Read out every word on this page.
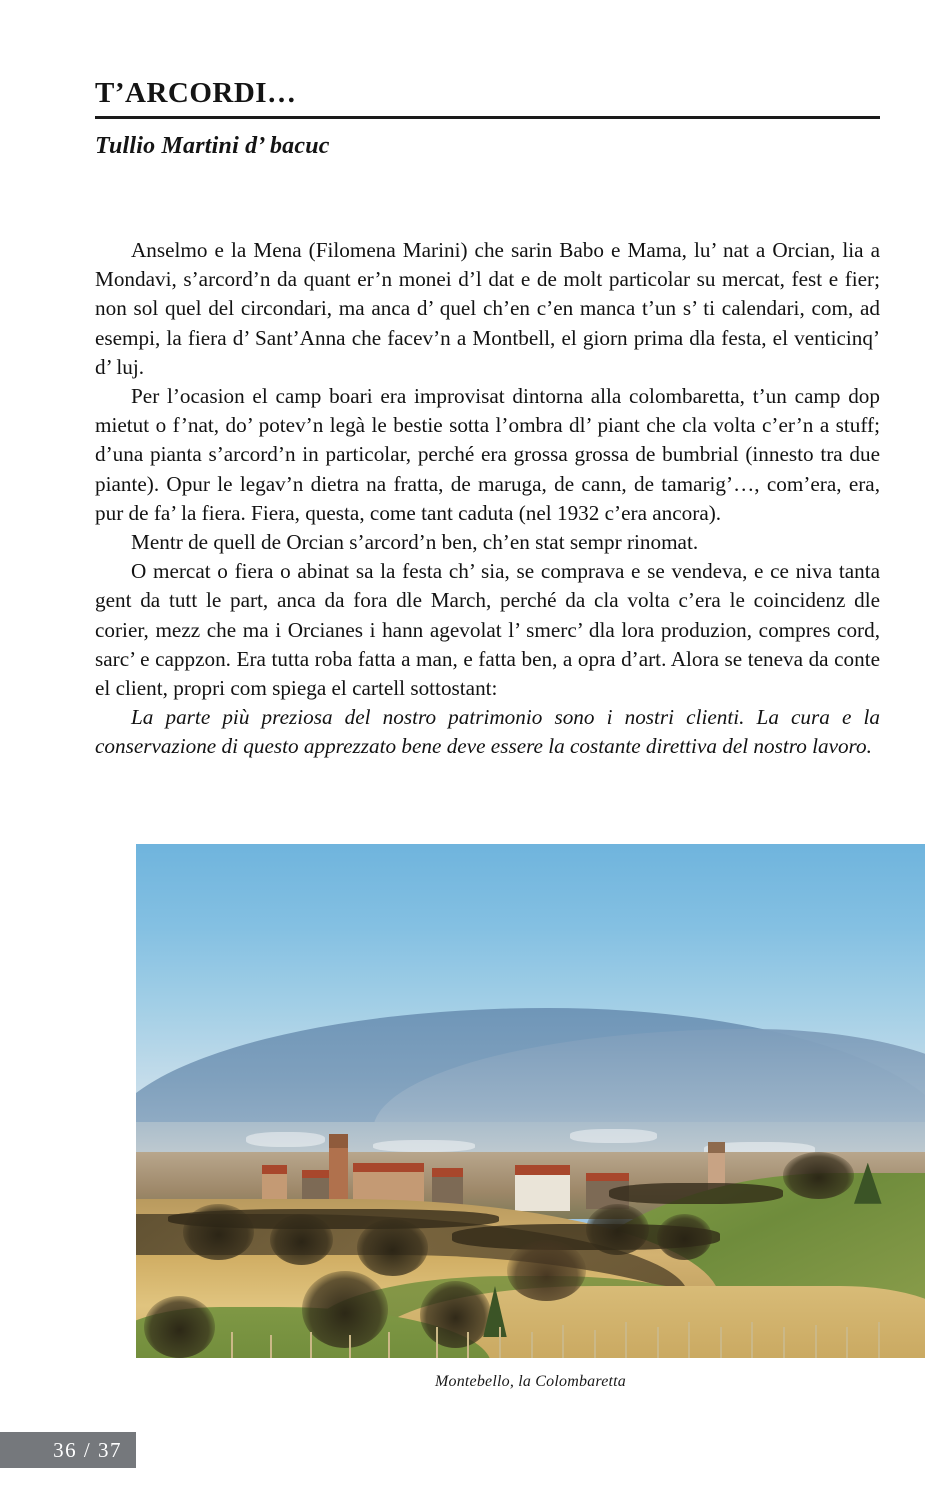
T’ARCORDI…
Tullio Martini d’ bacuc

Anselmo e la Mena (Filomena Marini) che sarin Babo e Mama, lu’ nat a Orcian, lia a Mondavi, s’arcord’n da quant er’n monei d’l dat e de molt particolar su mercat, fest e fier; non sol quel del circondari, ma anca d’ quel ch’en c’en manca t’un s’ ti calendari, com, ad esempi, la fiera d’ Sant’Anna che facev’n a Montbell, el giorn prima dla festa, el venticinq’ d’ luj.

Per l’ocasion el camp boari era improvisat dintorna alla colombaretta, t’un camp dop mietut o f’nat, do’ potev’n legà le bestie sotta l’ombra dl’ piant che cla volta c’er’n a stuff; d’una pianta s’arcord’n in particolar, perché era grossa grossa de bumbrial (innesto tra due piante). Opur le legav’n dietra na fratta, de maruga, de cann, de tamarig’…, com’era, era, pur de fa’ la fiera. Fiera, questa, come tant caduta (nel 1932 c’era ancora).

Mentr de quell de Orcian s’arcord’n ben, ch’en stat sempr rinomat.

O mercat o fiera o abinat sa la festa ch’ sia, se comprava e se vendeva, e ce niva tanta gent da tutt le part, anca da fora dle March, perché da cla volta c’era le coincidenz dle corier, mezz che ma i Orcianes i hann agevolat l’ smerc’ dla lora produzion, compres cord, sarc’ e cappzon. Era tutta roba fatta a man, e fatta ben, a opra d’art. Alora se teneva da conte el client, propri com spiega el cartell sottostant:

La parte più preziosa del nostro patrimonio sono i nostri clienti. La cura e la conservazione di questo apprezzato bene deve essere la costante direttiva del nostro lavoro.

Montebello, la Colombaretta
36 / 37
